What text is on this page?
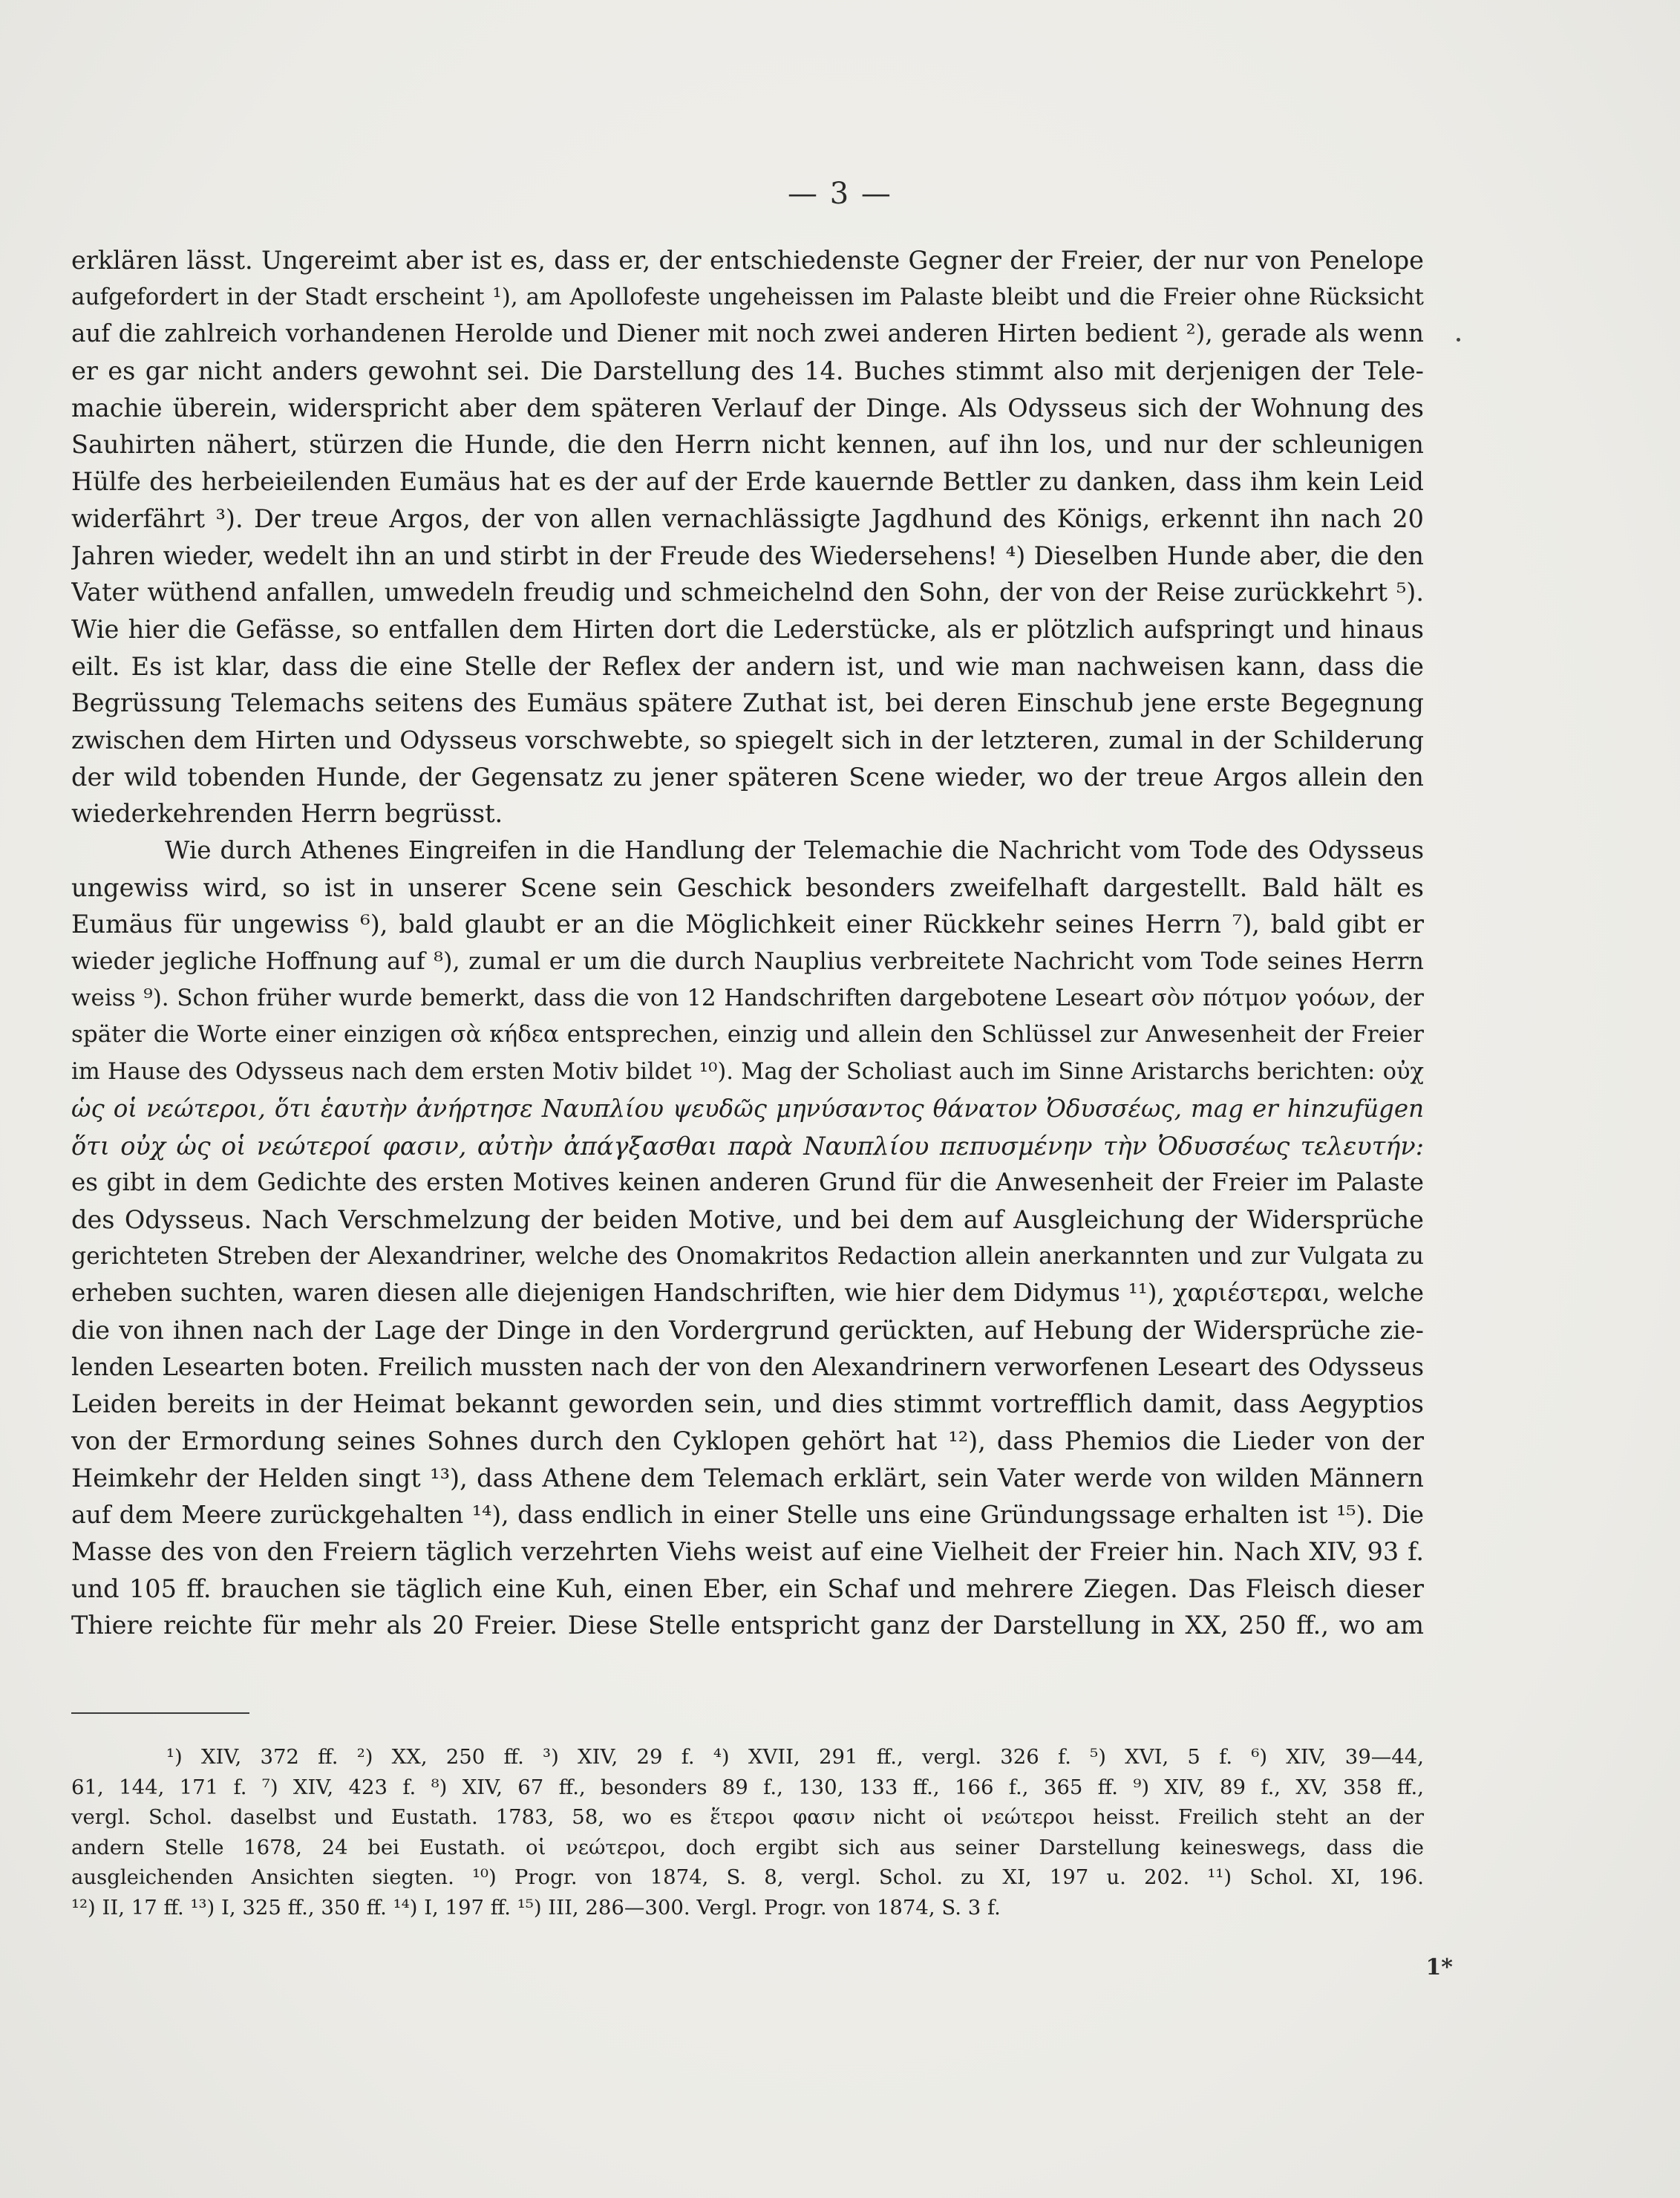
— 3 —
erklären lässt. Ungereimt aber ist es, dass er, der entschiedenste Gegner der Freier, der nur von Penelope
aufgefordert in der Stadt erscheint ¹), am Apollofeste ungeheissen im Palaste bleibt und die Freier ohne Rücksicht
auf die zahlreich vorhandenen Herolde und Diener mit noch zwei anderen Hirten bedient ²), gerade als wenn
er es gar nicht anders gewohnt sei. Die Darstellung des 14. Buches stimmt also mit derjenigen der Tele-
machie überein, widerspricht aber dem späteren Verlauf der Dinge. Als Odysseus sich der Wohnung des
Sauhirten nähert, stürzen die Hunde, die den Herrn nicht kennen, auf ihn los, und nur der schleunigen
Hülfe des herbeieilenden Eumäus hat es der auf der Erde kauernde Bettler zu danken, dass ihm kein Leid
widerfährt ³). Der treue Argos, der von allen vernachlässigte Jagdhund des Königs, erkennt ihn nach 20
Jahren wieder, wedelt ihn an und stirbt in der Freude des Wiedersehens! ⁴) Dieselben Hunde aber, die den
Vater wüthend anfallen, umwedeln freudig und schmeichelnd den Sohn, der von der Reise zurückkehrt ⁵).
Wie hier die Gefässe, so entfallen dem Hirten dort die Lederstücke, als er plötzlich aufspringt und hinaus
eilt. Es ist klar, dass die eine Stelle der Reflex der andern ist, und wie man nachweisen kann, dass die
Begrüssung Telemachs seitens des Eumäus spätere Zuthat ist, bei deren Einschub jene erste Begegnung
zwischen dem Hirten und Odysseus vorschwebte, so spiegelt sich in der letzteren, zumal in der Schilderung
der wild tobenden Hunde, der Gegensatz zu jener späteren Scene wieder, wo der treue Argos allein den
wiederkehrenden Herrn begrüsst.
Wie durch Athenes Eingreifen in die Handlung der Telemachie die Nachricht vom Tode des Odysseus
ungewiss wird, so ist in unserer Scene sein Geschick besonders zweifelhaft dargestellt. Bald hält es
Eumäus für ungewiss ⁶), bald glaubt er an die Möglichkeit einer Rückkehr seines Herrn ⁷), bald gibt er
wieder jegliche Hoffnung auf ⁸), zumal er um die durch Nauplius verbreitete Nachricht vom Tode seines Herrn
weiss ⁹). Schon früher wurde bemerkt, dass die von 12 Handschriften dargebotene Leseart σὸν πότμον γοόων, der
später die Worte einer einzigen σὰ κήδεα entsprechen, einzig und allein den Schlüssel zur Anwesenheit der Freier
im Hause des Odysseus nach dem ersten Motiv bildet ¹⁰). Mag der Scholiast auch im Sinne Aristarchs berichten: οὐχ
ὡς οἱ νεώτεροι, ὅτι ἑαυτὴν ἀνήρτησε Ναυπλίου ψευδῶς μηνύσαντος θάνατον Ὀδυσσέως, mag er hinzufügen
ὅτι οὐχ ὡς οἱ νεώτεροί φασιν, αὐτὴν ἀπάγξασθαι παρὰ Ναυπλίου πεπυσμένην τὴν Ὀδυσσέως τελευτήν:
es gibt in dem Gedichte des ersten Motives keinen anderen Grund für die Anwesenheit der Freier im Palaste
des Odysseus. Nach Verschmelzung der beiden Motive, und bei dem auf Ausgleichung der Widersprüche
gerichteten Streben der Alexandriner, welche des Onomakritos Redaction allein anerkannten und zur Vulgata zu
erheben suchten, waren diesen alle diejenigen Handschriften, wie hier dem Didymus ¹¹), χαριέστεραι, welche
die von ihnen nach der Lage der Dinge in den Vordergrund gerückten, auf Hebung der Widersprüche zie-
lenden Lesearten boten. Freilich mussten nach der von den Alexandrinern verworfenen Leseart des Odysseus
Leiden bereits in der Heimat bekannt geworden sein, und dies stimmt vortrefflich damit, dass Aegyptios
von der Ermordung seines Sohnes durch den Cyklopen gehört hat ¹²), dass Phemios die Lieder von der
Heimkehr der Helden singt ¹³), dass Athene dem Telemach erklärt, sein Vater werde von wilden Männern
auf dem Meere zurückgehalten ¹⁴), dass endlich in einer Stelle uns eine Gründungssage erhalten ist ¹⁵). Die
Masse des von den Freiern täglich verzehrten Viehs weist auf eine Vielheit der Freier hin. Nach XIV, 93 f.
und 105 ff. brauchen sie täglich eine Kuh, einen Eber, ein Schaf und mehrere Ziegen. Das Fleisch dieser
Thiere reichte für mehr als 20 Freier. Diese Stelle entspricht ganz der Darstellung in XX, 250 ff., wo am
¹) XIV, 372 ff. ²) XX, 250 ff. ³) XIV, 29 f. ⁴) XVII, 291 ff., vergl. 326 f. ⁵) XVI, 5 f. ⁶) XIV, 39—44,
61, 144, 171 f. ⁷) XIV, 423 f. ⁸) XIV, 67 ff., besonders 89 f., 130, 133 ff., 166 f., 365 ff. ⁹) XIV, 89 f., XV, 358 ff.,
vergl. Schol. daselbst und Eustath. 1783, 58, wo es ἕτεροι φασιν nicht οἱ νεώτεροι heisst. Freilich steht an der
andern Stelle 1678, 24 bei Eustath. οἱ νεώτεροι, doch ergibt sich aus seiner Darstellung keineswegs, dass die
ausgleichenden Ansichten siegten. ¹⁰) Progr. von 1874, S. 8, vergl. Schol. zu XI, 197 u. 202. ¹¹) Schol. XI, 196.
¹²) II, 17 ff. ¹³) I, 325 ff., 350 ff. ¹⁴) I, 197 ff. ¹⁵) III, 286—300. Vergl. Progr. von 1874, S. 3 f.
1*
